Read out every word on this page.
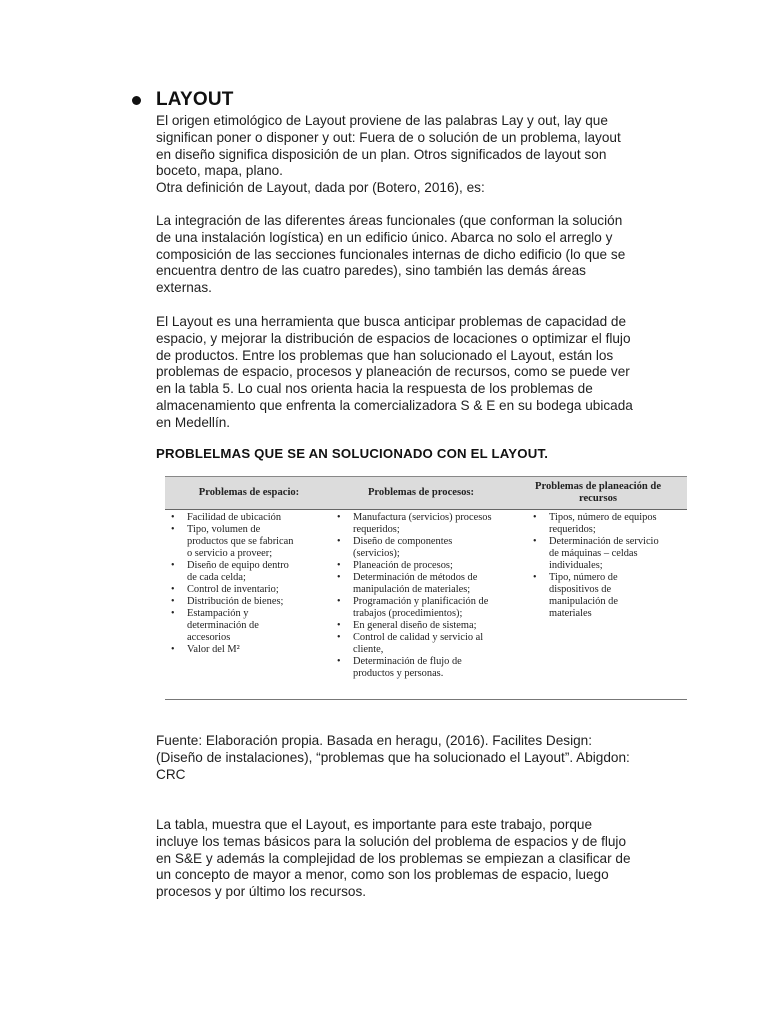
LAYOUT

El origen etimológico de Layout proviene de las palabras Lay y out, lay que
significan poner o disponer y out: Fuera de o solución de un problema, layout
en diseño significa disposición de un plan. Otros significados de layout son
boceto, mapa, plano.

Otra definición de Layout, dada por (Botero, 2016), es:

La integración de las diferentes áreas funcionales (que conforman la solución
de una instalación logística) en un edificio único. Abarca no solo el arreglo y
composición de las secciones funcionales internas de dicho edificio (lo que se
encuentra dentro de las cuatro paredes), sino también las demás áreas
externas.

El Layout es una herramienta que busca anticipar problemas de capacidad de
espacio, y mejorar la distribución de espacios de locaciones o optimizar el flujo
de productos. Entre los problemas que han solucionado el Layout, están los
problemas de espacio, procesos y planeación de recursos, como se puede ver
en la tabla 5. Lo cual nos orienta hacia la respuesta de los problemas de
almacenamiento que enfrenta la comercializadora S & E en su bodega ubicada
en Medellín.

PROBLELMAS QUE SE AN SOLUCIONADO CON EL LAYOUT.
Problemas de espacio:	Problemas de procesos:
Problemas de planeación de
recursos
• Facilidad de ubicación
• Tipo, volumen de
productos que se fabrican
o servicio a proveer;
• Diseño de equipo dentro
de cada celda;
• Control de inventario;
• Distribución de bienes;
• Estampación y
determinación de
accesorios
• Valor del M²
• Manufactura (servicios) procesos
requeridos;
• Diseño de componentes
(servicios);
• Planeación de procesos;
• Determinación de métodos de
manipulación de materiales;
• Programación y planificación de
trabajos (procedimientos);
• En general diseño de sistema;
• Control de calidad y servicio al
cliente,
• Determinación de flujo de
productos y personas.
• Tipos, número de equipos
requeridos;
• Determinación de servicio
de máquinas – celdas
individuales;
• Tipo, número de
dispositivos de
manipulación de
materiales

Fuente: Elaboración propia. Basada en heragu, (2016). Facilites Design:
(Diseño de instalaciones), “problemas que ha solucionado el Layout”. Abigdon:
CRC

La tabla, muestra que el Layout, es importante para este trabajo, porque
incluye los temas básicos para la solución del problema de espacios y de flujo
en S&E y además la complejidad de los problemas se empiezan a clasificar de
un concepto de mayor a menor, como son los problemas de espacio, luego
procesos y por último los recursos.
